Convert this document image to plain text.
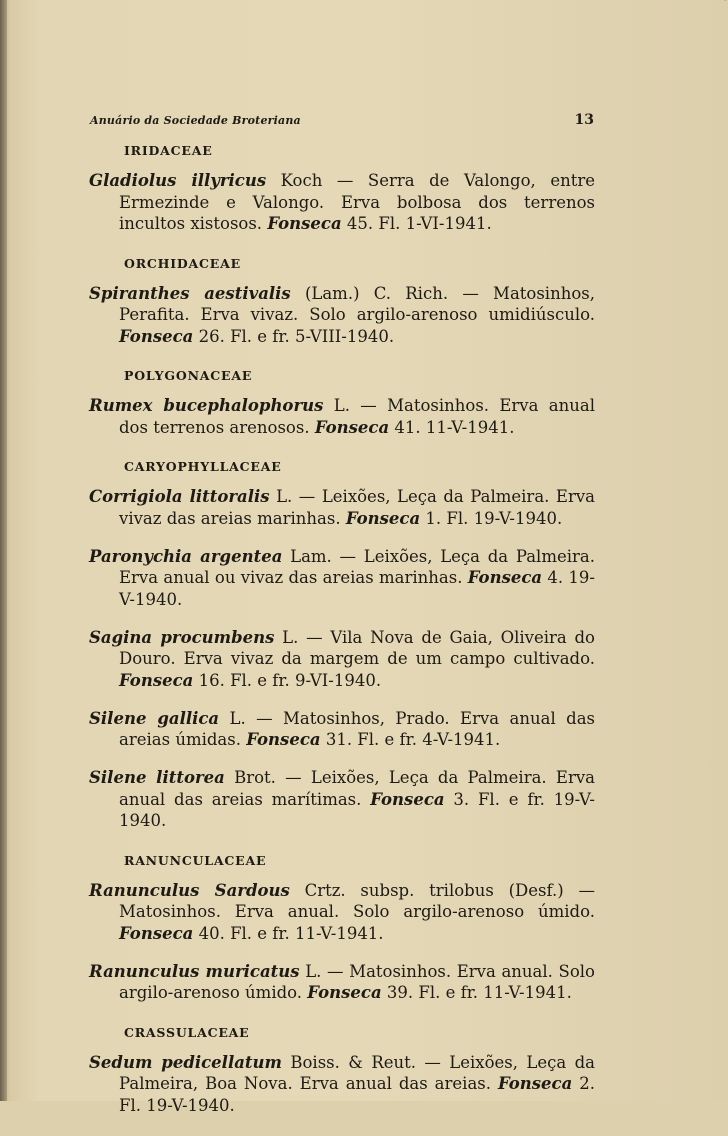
Anuário da Sociedade Broteriana	13
IRIDACEAE

Gladiolus illyricus Koch — Serra de Valongo, entre Ermezinde e Valongo. Erva bolbosa dos terrenos incultos xistosos. Fonseca 45. Fl. 1-VI-1941.

ORCHIDACEAE

Spiranthes aestivalis (Lam.) C. Rich. — Matosinhos, Perafita. Erva vivaz. Solo argilo-arenoso umidiúsculo. Fonseca 26. Fl. e fr. 5-VIII-1940.

POLYGONACEAE

Rumex bucephalophorus L. — Matosinhos. Erva anual dos terrenos arenosos. Fonseca 41. 11-V-1941.

CARYOPHYLLACEAE

Corrigiola littoralis L. — Leixões, Leça da Palmeira. Erva vivaz das areias marinhas. Fonseca 1. Fl. 19-V-1940.

Paronychia argentea Lam. — Leixões, Leça da Palmeira. Erva anual ou vivaz das areias marinhas. Fonseca 4. 19-V-1940.

Sagina procumbens L. — Vila Nova de Gaia, Oliveira do Douro. Erva vivaz da margem de um campo cultivado. Fonseca 16. Fl. e fr. 9-VI-1940.

Silene gallica L. — Matosinhos, Prado. Erva anual das areias úmidas. Fonseca 31. Fl. e fr. 4-V-1941.

Silene littorea Brot. — Leixões, Leça da Palmeira. Erva anual das areias marítimas. Fonseca 3. Fl. e fr. 19-V-1940.

RANUNCULACEAE

Ranunculus Sardous Crtz. subsp. trilobus (Desf.) — Matosinhos. Erva anual. Solo argilo-arenoso úmido. Fonseca 40. Fl. e fr. 11-V-1941.

Ranunculus muricatus L. — Matosinhos. Erva anual. Solo argilo-arenoso úmido. Fonseca 39. Fl. e fr. 11-V-1941.

CRASSULACEAE

Sedum pedicellatum Boiss. & Reut. — Leixões, Leça da Palmeira, Boa Nova. Erva anual das areias. Fonseca 2. Fl. 19-V-1940.
